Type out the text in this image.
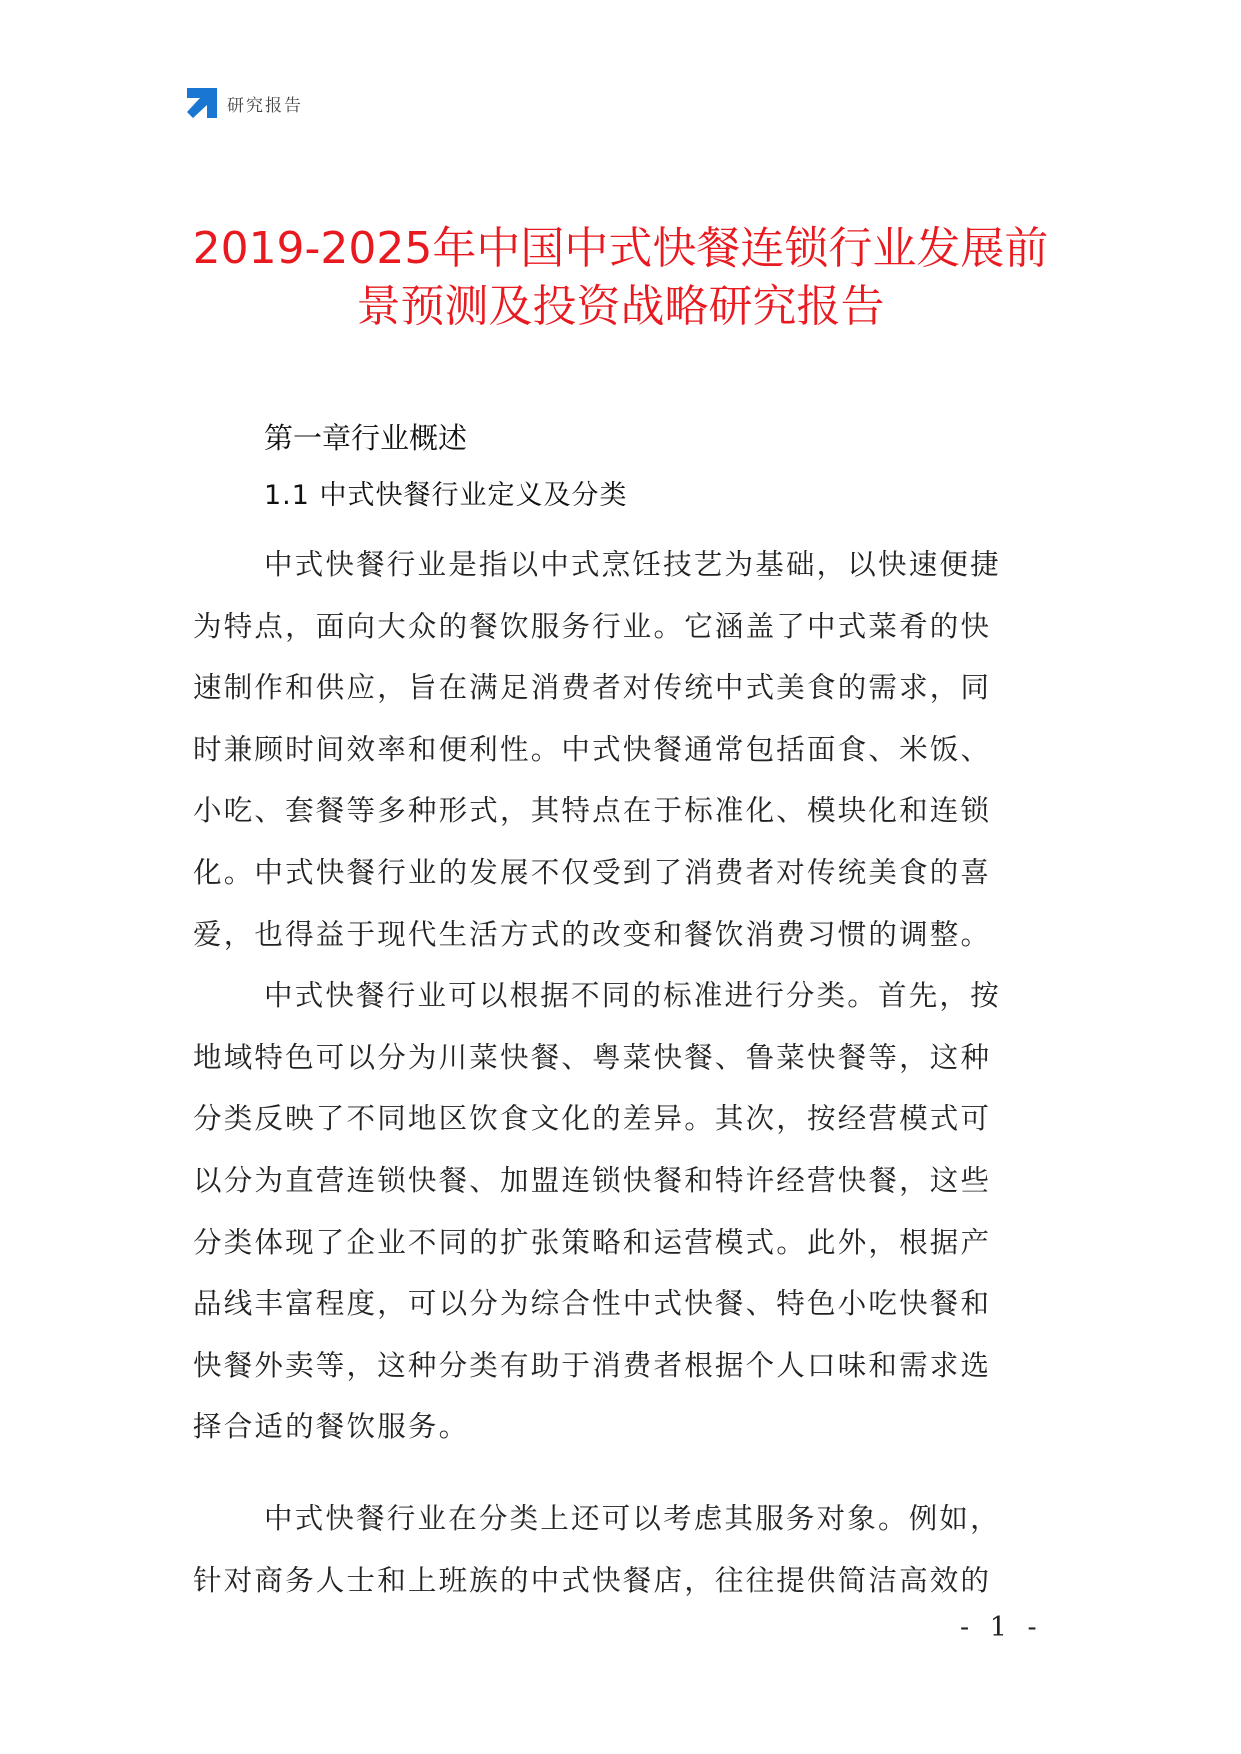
研究报告
2019-2025年中国中式快餐连锁行业发展前
景预测及投资战略研究报告
第一章行业概述
1.1 中式快餐行业定义及分类

中式快餐行业是指以中式烹饪技艺为基础，以快速便捷
为特点，面向大众的餐饮服务行业。它涵盖了中式菜肴的快
速制作和供应，旨在满足消费者对传统中式美食的需求，同
时兼顾时间效率和便利性。中式快餐通常包括面食、米饭、
小吃、套餐等多种形式，其特点在于标准化、模块化和连锁
化。中式快餐行业的发展不仅受到了消费者对传统美食的喜
爱，也得益于现代生活方式的改变和餐饮消费习惯的调整。

中式快餐行业可以根据不同的标准进行分类。首先，按
地域特色可以分为川菜快餐、粤菜快餐、鲁菜快餐等，这种
分类反映了不同地区饮食文化的差异。其次，按经营模式可
以分为直营连锁快餐、加盟连锁快餐和特许经营快餐，这些
分类体现了企业不同的扩张策略和运营模式。此外，根据产
品线丰富程度，可以分为综合性中式快餐、特色小吃快餐和
快餐外卖等，这种分类有助于消费者根据个人口味和需求选
择合适的餐饮服务。

中式快餐行业在分类上还可以考虑其服务对象。例如，
针对商务人士和上班族的中式快餐店，往往提供简洁高效的

- 1 -
